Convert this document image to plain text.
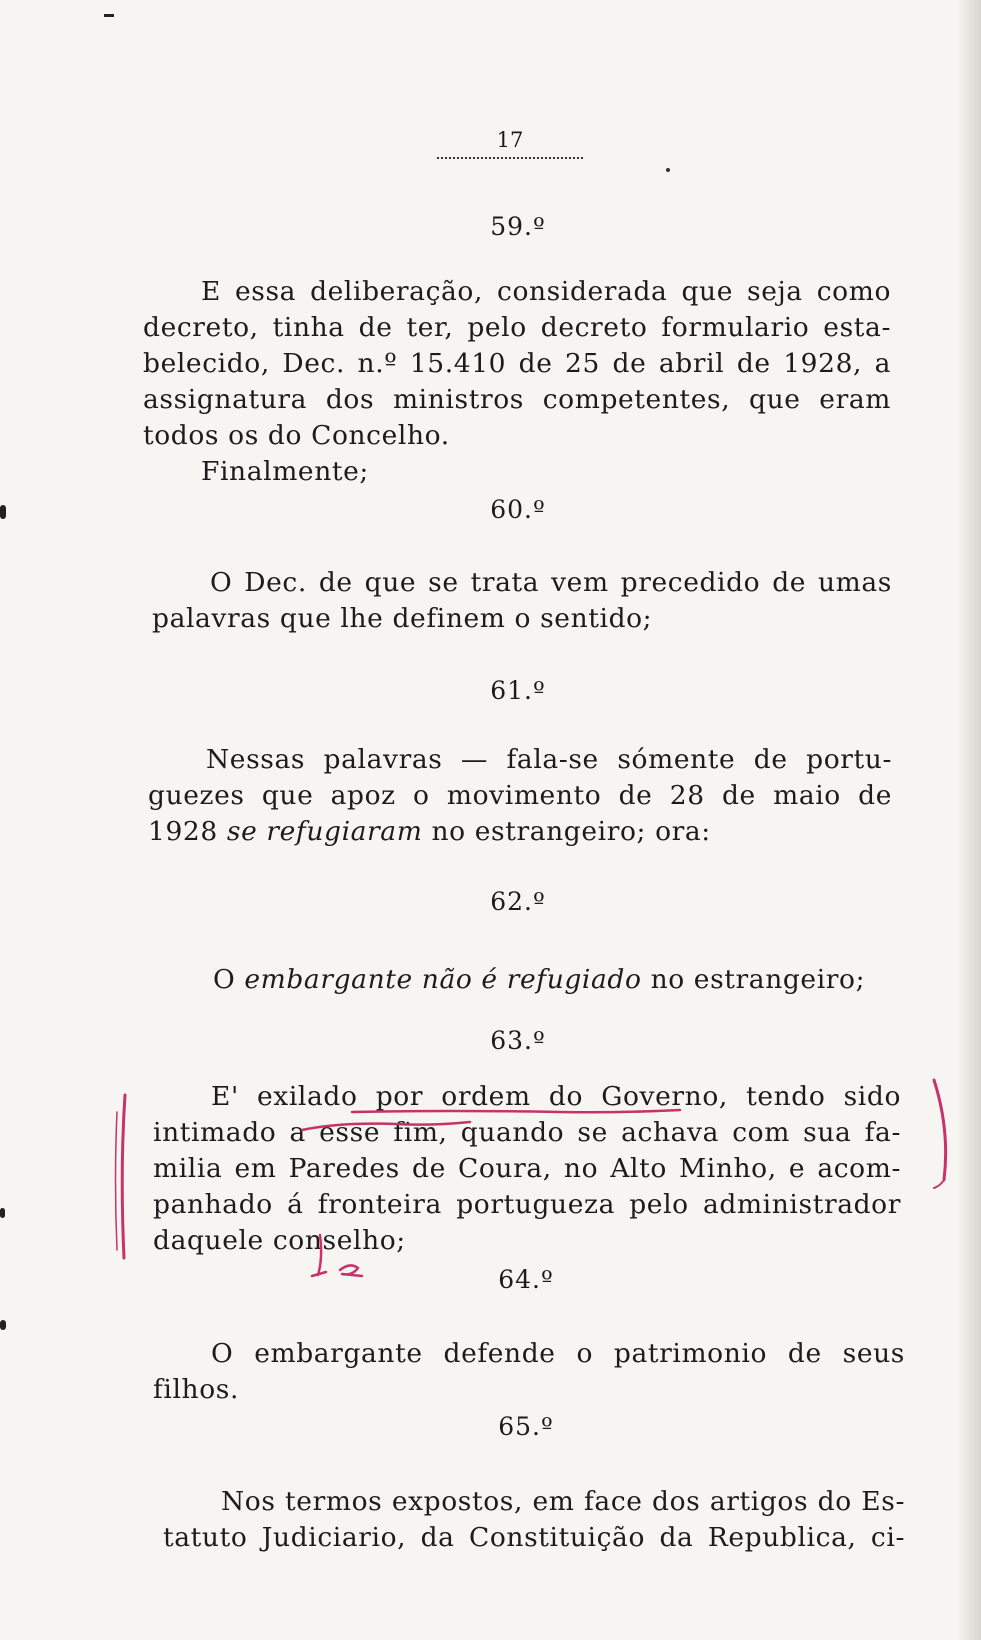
17
59.º
E essa deliberação, considerada que seja como
decreto, tinha de ter, pelo decreto formulario esta-
belecido, Dec. n.º 15.410 de 25 de abril de 1928, a
assignatura dos ministros competentes, que eram
todos os do Concelho.
Finalmente;
60.º
O Dec. de que se trata vem precedido de umas
palavras que lhe definem o sentido;
61.º
Nessas palavras — fala-se sómente de portu-
guezes que apoz o movimento de 28 de maio de
1928 se refugiaram no estrangeiro; ora:
62.º
O embargante não é refugiado no estrangeiro;
63.º
E' exilado por ordem do Governo, tendo sido
intimado a esse fim, quando se achava com sua fa-
milia em Paredes de Coura, no Alto Minho, e acom-
panhado á fronteira portugueza pelo administrador
daquele conselho;
64.º
O embargante defende o patrimonio de seus
filhos.
65.º
Nos termos expostos, em face dos artigos do Es-
tatuto Judiciario, da Constituição da Republica, ci-
